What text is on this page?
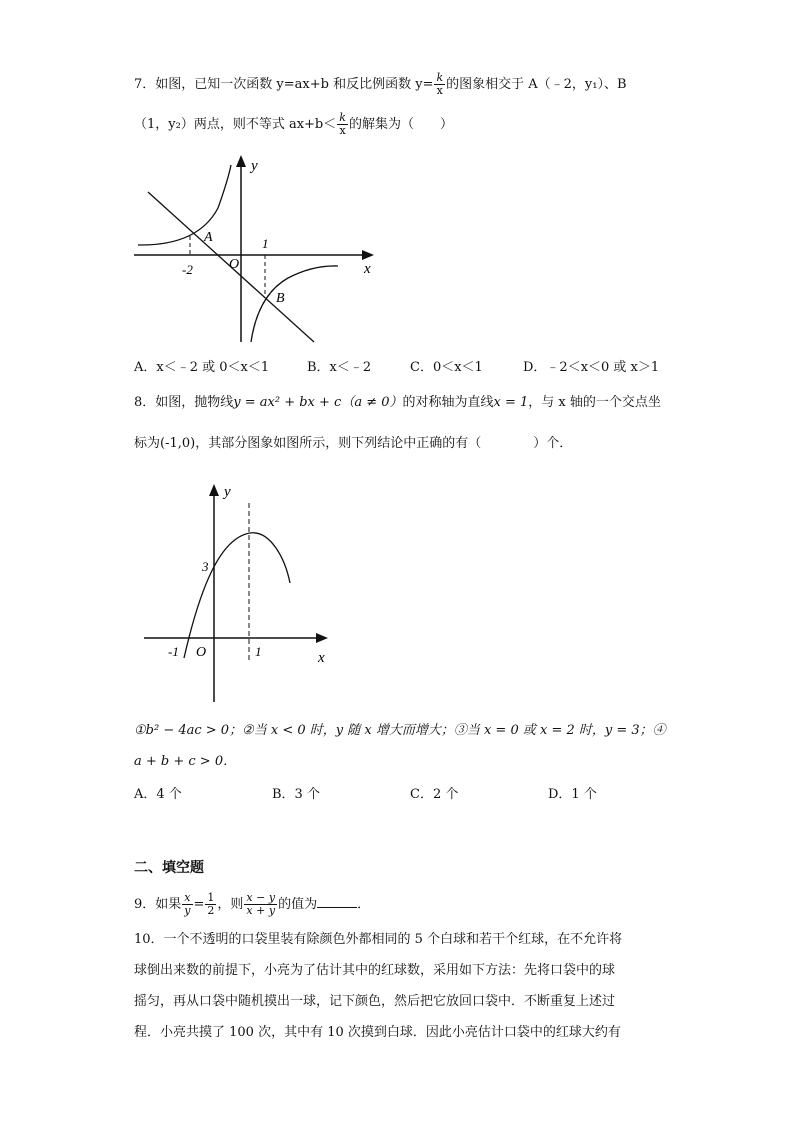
7．如图，已知一次函数 y=ax+b 和反比例函数 $y= \frac{k}{x}$ 的图象相交于 A（﹣2，y₁）、B
（1，y₂）两点，则不等式 $ax+b< \frac{k}{x}$ 的解集为（　　）
y
x
A
B
O
-2
1
A．x＜﹣2 或 0＜x＜1	B．x＜﹣2	C．0＜x＜1	D．﹣2＜x＜0 或 x＞1
8．如图，抛物线y = ax² + bx + c（a ≠ 0）的对称轴为直线x = 1，与 x 轴的一个交点坐
标为(-1,0)，其部分图象如图所示，则下列结论中正确的有（　　　　）个．
y
x
O
3
-1	1
①b² − 4ac > 0；②当 x < 0 时，y 随 x 增大而增大；③当 x = 0 或 x = 2 时，y = 3；④
a + b + c > 0．
A．4 个	B．3 个	C．2 个	D．1 个
二、填空题
9．如果 $\frac{x}{y} = \frac{1}{2}$ ，则 $\frac{x - y}{x + y}$ 的值为	．
10．一个不透明的口袋里装有除颜色外都相同的 5 个白球和若干个红球，在不允许将
球倒出来数的前提下，小亮为了估计其中的红球数，采用如下方法：先将口袋中的球
摇匀，再从口袋中随机摸出一球，记下颜色，然后把它放回口袋中．不断重复上述过
程．小亮共摸了 100 次，其中有 10 次摸到白球．因此小亮估计口袋中的红球大约有
